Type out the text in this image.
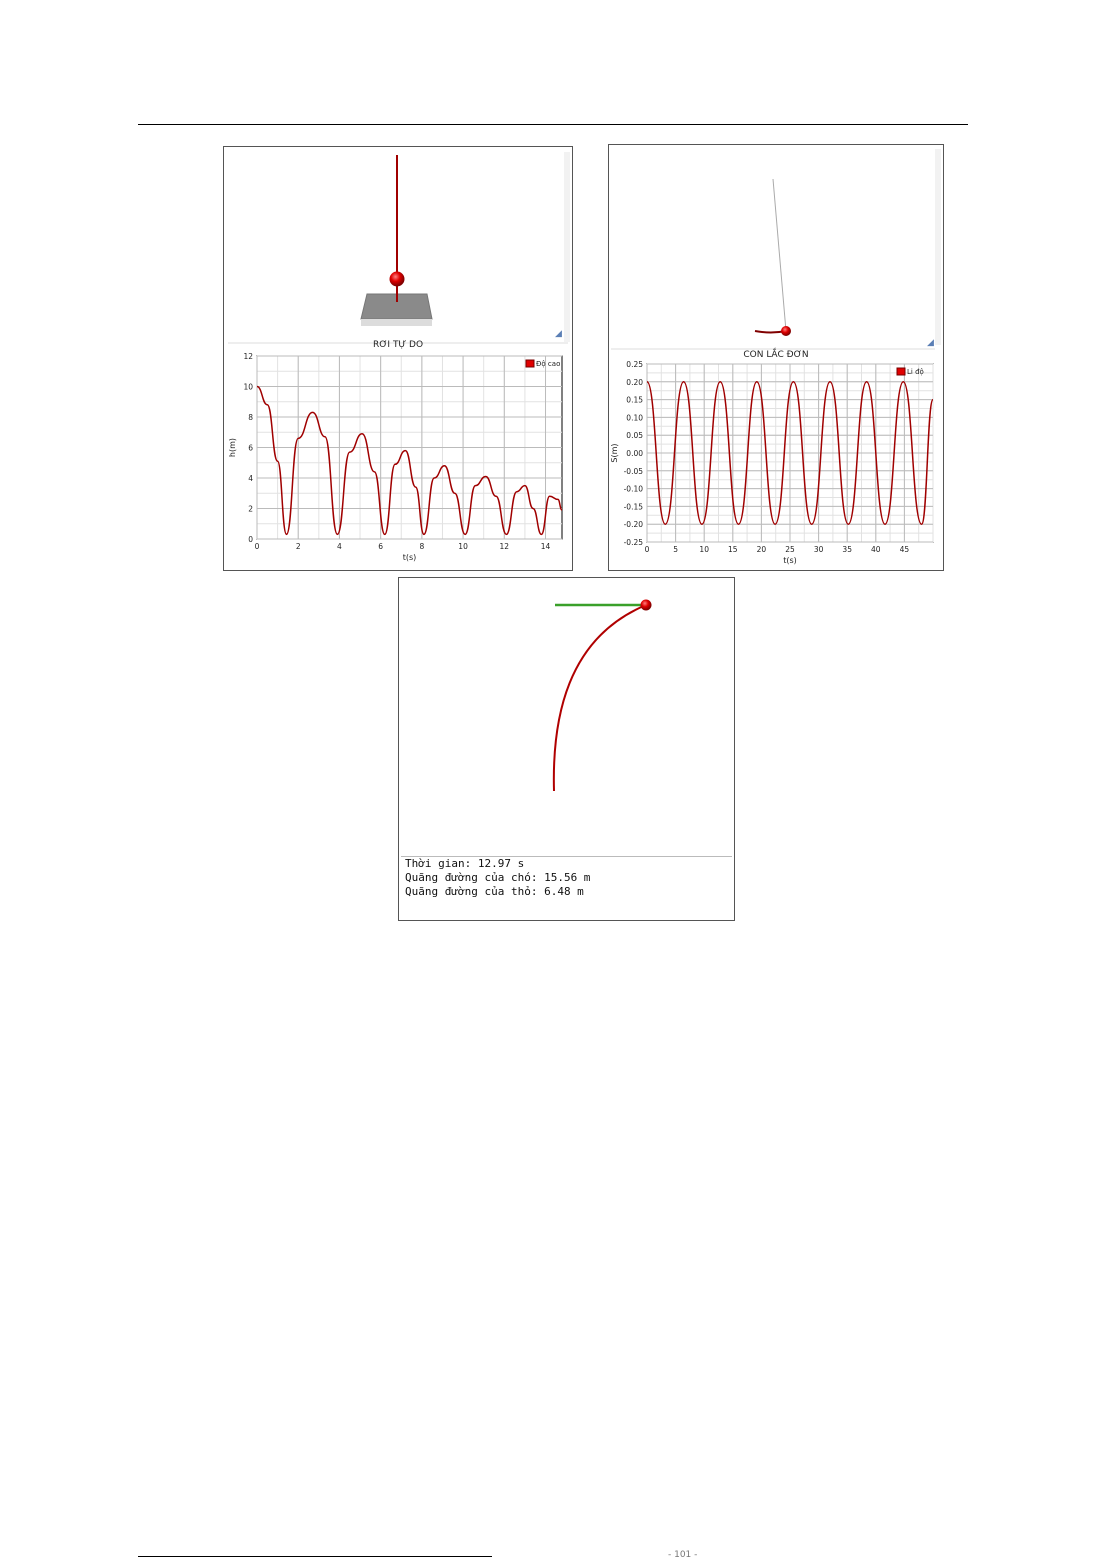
◢
RƠI TỰ DO
0	2	4	6	8	10	12	14
0
2
4
6
8
10
12
Độ cao
t(s)
h(m)
◢
CON LẮC ĐƠN
0	5	10	15	20	25	30	35	40	45
-0.25
-0.20
-0.15
-0.10
-0.05
0.00
0.05
0.10
0.15
0.20
0.25
Li độ
t(s)
S(m)
Thời gian: 12.97 s
Quãng đường của chó: 15.56 m
Quãng đường của thỏ: 6.48 m
- 101 -
